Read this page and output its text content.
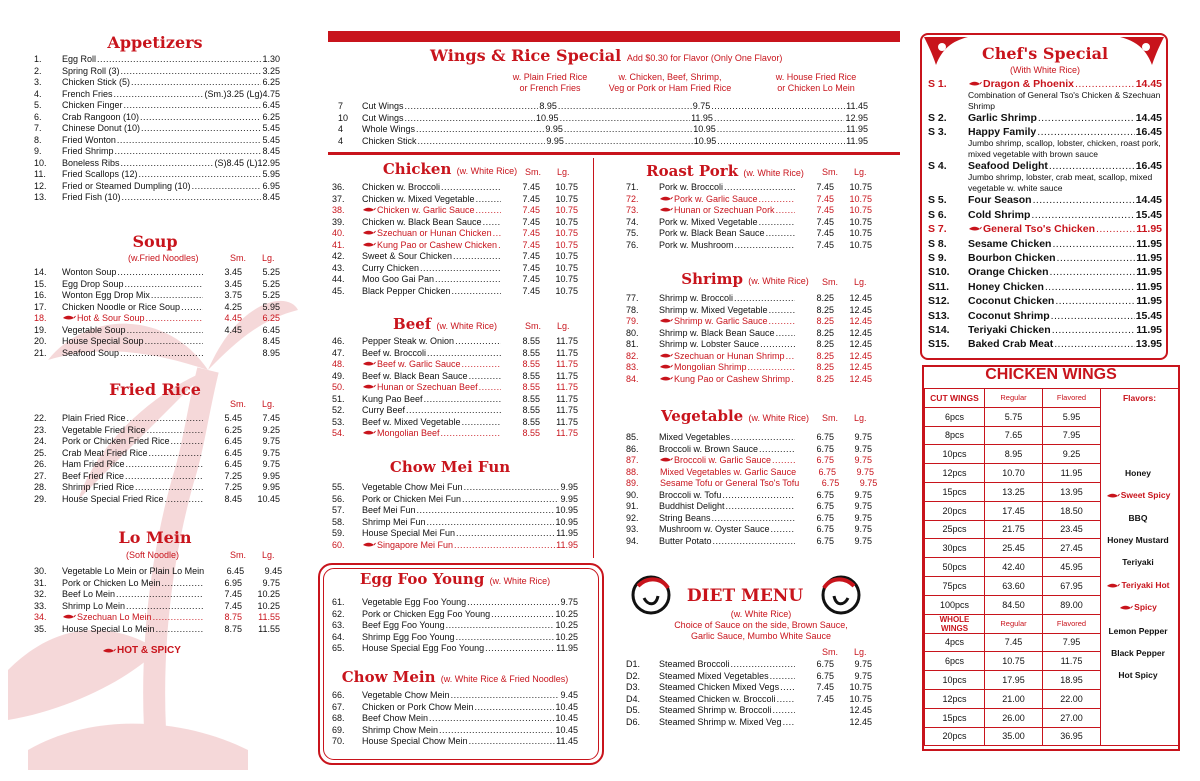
Appetizers
1.	Egg Roll .....	1.30
2.	Spring Roll (3) .....	3.25
3.	Chicken Stick (5) .....	6.25
4.	French Fries .....	(Sm.)3.25 (Lg)4.75
5.	Chicken Finger .....	6.45
6.	Crab Rangoon (10) .....	6.25
7.	Chinese Donut (10) .....	5.45
8.	Fried Wonton .....	5.45
9.	Fried Shrimp .....	8.45
10.	Boneless Ribs .....	(S)8.45 (L)12.95
11.	Fried Scallops (12) .....	5.95
12.	Fried or Steamed Dumpling (10) .....	6.95
13.	Fried Fish (10) .....	8.45
Soup
(w.Fried Noodles)	Sm. Lg.
14.	Wonton Soup .....	3.45	5.25
15.	Egg Drop Soup .....	3.45	5.25
16.	Wonton Egg Drop Mix .....	3.75	5.25
17.	Chicken Noodle or Rice Soup .....	4.25	5.95
18.	Hot & Sour Soup .....	4.45	6.25
19.	Vegetable Soup .....	4.45	6.45
20.	House Special Soup .....	8.45
21.	Seafood Soup .....	8.95
Fried Rice
Sm. Lg.
22.	Plain Fried Rice .....	5.45	7.45
23.	Vegetable Fried Rice .....	6.25	9.25
24.	Pork or Chicken Fried Rice .....	6.45	9.75
25.	Crab Meat Fried Rice .....	6.45	9.75
26.	Ham Fried Rice .....	6.45	9.75
27.	Beef Fried Rice .....	7.25	9.95
28.	Shrimp Fried Rice .....	7.25	9.95
29.	House Special Fried Rice .....	8.45	10.45
Lo Mein
(Soft Noodle)	Sm. Lg.
30.	Vegetable Lo Mein or Plain Lo Mein	6.45	9.45
31.	Pork or Chicken Lo Mein .....	6.95	9.75
32.	Beef Lo Mein .....	7.45	10.25
33.	Shrimp Lo Mein .....	7.45	10.25
34.	Szechuan Lo Mein .....	8.75	11.55
35.	House Special Lo Mein .....	8.75	11.55
HOT & SPICY
Wings & Rice Special Add $0.30 for Flavor (Only One Flavor)
w. Plain Fried Rice
or French Fries
w. Chicken, Beef, Shrimp,
Veg or Pork or Ham Fried Rice
w. House Fried Rice
or Chicken Lo Mein
7	Cut Wings .....	8.95 .....	9.75 .....	11.45
10	Cut Wings .....	10.95 .....	11.95 .....	12.95
4	Whole Wings .....	9.95 .....	10.95 .....	11.95
4	Chicken Stick .....	9.95 .....	10.95 .....	11.95
Chicken (w. White Rice) Sm. Lg.
36.	Chicken w. Broccoli .....	7.45	10.75
37.	Chicken w. Mixed Vegetable .....	7.45	10.75
38.	Chicken w. Garlic Sauce .....	7.45	10.75
39.	Chicken w. Black Bean Sauce .....	7.45	10.75
40.	Szechuan or Hunan Chicken .....	7.45	10.75
41.	Kung Pao or Cashew Chicken .....	7.45	10.75
42.	Sweet & Sour Chicken .....	7.45	10.75
43.	Curry Chicken .....	7.45	10.75
44.	Moo Goo Gai Pan .....	7.45	10.75
45.	Black Pepper Chicken .....	7.45	10.75
Beef (w. White Rice)	Sm. Lg.
46.	Pepper Steak w. Onion .....	8.55	11.75
47.	Beef w. Broccoli .....	8.55	11.75
48.	Beef w. Garlic Sauce .....	8.55	11.75
49.	Beef w. Black Bean Sauce .....	8.55	11.75
50.	Hunan or Szechuan Beef .....	8.55	11.75
51.	Kung Pao Beef .....	8.55	11.75
52.	Curry Beef .....	8.55	11.75
53.	Beef w. Mixed Vegetable .....	8.55	11.75
54.	Mongolian Beef .....	8.55	11.75
Chow Mei Fun
55.	Vegetable Chow Mei Fun .....	9.95
56.	Pork or Chicken Mei Fun .....	9.95
57.	Beef Mei Fun .....	10.95
58.	Shrimp Mei Fun .....	10.95
59.	House Special Mei Fun .....	11.95
60.	Singapore Mei Fun .....	11.95
Egg Foo Young (w. White Rice)
61.	Vegetable Egg Foo Young .....	9.75
62.	Pork or Chicken Egg Foo Young .....	10.25
63.	Beef Egg Foo Young .....	10.25
64.	Shrimp Egg Foo Young .....	10.25
65.	House Special Egg Foo Young .....	11.95
Chow Mein (w. White Rice & Fried Noodles)
66.	Vegetable Chow Mein .....	9.45
67.	Chicken or Pork Chow Mein .....	10.45
68.	Beef Chow Mein .....	10.45
69.	Shrimp Chow Mein .....	10.45
70.	House Special Chow Mein .....	11.45
Roast Pork (w. White Rice)	Sm. Lg.
71.	Pork w. Broccoli .....	7.45	10.75
72.	Pork w. Garlic Sauce .....	7.45	10.75
73.	Hunan or Szechuan Pork .....	7.45	10.75
74.	Pork w. Mixed Vegetable .....	7.45	10.75
75.	Pork w. Black Bean Sauce .....	7.45	10.75
76.	Pork w. Mushroom .....	7.45	10.75
Shrimp (w. White Rice)	Sm. Lg.
77.	Shrimp w. Broccoli .....	8.25	12.45
78.	Shrimp w. Mixed Vegetable .....	8.25	12.45
79.	Shrimp w. Garlic Sauce .....	8.25	12.45
80.	Shrimp w. Black Bean Sauce .....	8.25	12.45
81.	Shrimp w. Lobster Sauce .....	8.25	12.45
82.	Szechuan or Hunan Shrimp .....	8.25	12.45
83.	Mongolian Shrimp .....	8.25	12.45
84.	Kung Pao or Cashew Shrimp .....	8.25	12.45
Vegetable (w. White Rice)	Sm. Lg.
85.	Mixed Vegetables .....	6.75	9.75
86.	Broccoli w. Brown Sauce .....	6.75	9.75
87.	Broccoli w. Garlic Sauce .....	6.75	9.75
88.	Mixed Vegetables w. Garlic Sauce	6.75	9.75
89.	Sesame Tofu or General Tso's Tofu	6.75	9.75
90.	Broccoli w. Tofu .....	6.75	9.75
91.	Buddhist Delight .....	6.75	9.75
92.	String Beans .....	6.75	9.75
93.	Mushroom w. Oyster Sauce .....	6.75	9.75
94.	Butter Potato .....	6.75	9.75
DIET MENU
(w. White Rice)
Choice of Sauce on the side, Brown Sauce,
Garlic Sauce, Mumbo White Sauce
Sm. Lg.
D1.	Steamed Broccoli .....	6.75	9.75
D2.	Steamed Mixed Vegetables .....	6.75	9.75
D3.	Steamed Chicken Mixed Vegs .....	7.45	10.75
D4.	Steamed Chicken w. Broccoli .....	7.45	10.75
D5.	Steamed Shrimp w. Broccoli .....	12.45
D6.	Steamed Shrimp w. Mixed Veg .....	12.45
Chef's Special
(With White Rice)
S 1.	Dragon & Phoenix .....	14.45
Combination of General Tso's Chicken & Szechuan Shrimp
S 2.	Garlic Shrimp .....	14.45
S 3.	Happy Family .....	16.45
Jumbo shrimp, scallop, lobster, chicken, roast pork, mixed vegetable with brown sauce
S 4.	Seafood Delight .....	16.45
Jumbo shrimp, lobster, crab meat, scallop, mixed vegetable w. white sauce
S 5.	Four Season .....	14.45
S 6.	Cold Shrimp .....	15.45
S 7.	General Tso's Chicken .....	11.95
S 8.	Sesame Chicken .....	11.95
S 9.	Bourbon Chicken .....	11.95
S10.	Orange Chicken .....	11.95
S11.	Honey Chicken .....	11.95
S12.	Coconut Chicken .....	11.95
S13.	Coconut Shrimp .....	15.45
S14.	Teriyaki Chicken .....	11.95
S15.	Baked Crab Meat .....	13.95
CHICKEN WINGS
CUT WINGS	Regular	Flavored	Flavors:
6pcs	5.75	5.95	
8pcs	7.65	7.95	
10pcs	8.95	9.25	
12pcs	10.70	11.95	
15pcs	13.25	13.95	
20pcs	17.45	18.50	
25pcs	21.75	23.45	
30pcs	25.45	27.45	
50pcs	42.40	45.95	
75pcs	63.60	67.95	
100pcs	84.50	89.00	
WHOLE WINGS	Regular	Flavored	
4pcs	7.45	7.95	
6pcs	10.75	11.75	
10pcs	17.95	18.95	
12pcs	21.00	22.00	
15pcs	26.00	27.00	
20pcs	35.00	36.95	
Honey
Sweet Spicy
BBQ
Honey Mustard
Teriyaki
Teriyaki Hot
Spicy
Lemon Pepper
Black Pepper
Hot Spicy
